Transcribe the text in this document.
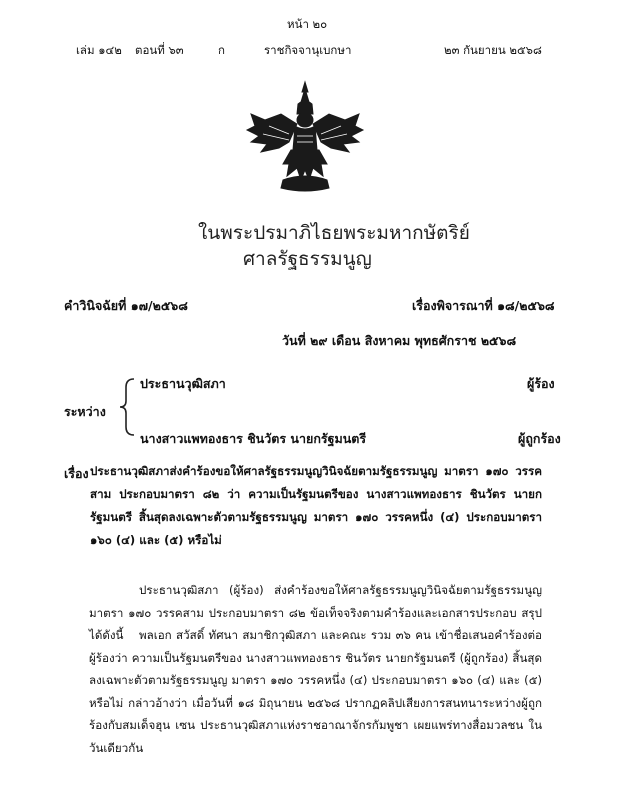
หน้า ๒๐
เล่ม ๑๔๒ ตอนที่ ๖๓	ก	ราชกิจจานุเบกษา	๒๓ กันยายน ๒๕๖๘
ในพระปรมาภิไธยพระมหากษัตริย์
ศาลรัฐธรรมนูญ
คำวินิจฉัยที่ ๑๗/๒๕๖๘	เรื่องพิจารณาที่ ๑๘/๒๕๖๘
วันที่ ๒๙ เดือน สิงหาคม พุทธศักราช ๒๕๖๘
ประธานวุฒิสภา	ผู้ร้อง
ระหว่าง
นางสาวแพทองธาร ชินวัตร นายกรัฐมนตรี	ผู้ถูกร้อง
เรื่อง ประธานวุฒิสภาส่งคำร้องขอให้ศาลรัฐธรรมนูญวินิจฉัยตามรัฐธรรมนูญ มาตรา ๑๗๐ วรรคสาม ประกอบมาตรา ๘๒ ว่า ความเป็นรัฐมนตรีของ นางสาวแพทองธาร ชินวัตร นายกรัฐมนตรี สิ้นสุดลงเฉพาะตัวตามรัฐธรรมนูญ มาตรา ๑๗๐ วรรคหนึ่ง (๔) ประกอบมาตรา ๑๖๐ (๔) และ (๕) หรือไม่
ประธานวุฒิสภา (ผู้ร้อง) ส่งคำร้องขอให้ศาลรัฐธรรมนูญวินิจฉัยตามรัฐธรรมนูญ มาตรา ๑๗๐ วรรคสาม ประกอบมาตรา ๘๒ ข้อเท็จจริงตามคำร้องและเอกสารประกอบ สรุปได้ดังนี้	พลเอก สวัสดิ์ ทัศนา สมาชิกวุฒิสภา และคณะ รวม ๓๖ คน เข้าชื่อเสนอคำร้องต่อผู้ร้องว่า ความเป็นรัฐมนตรีของ นางสาวแพทองธาร ชินวัตร นายกรัฐมนตรี (ผู้ถูกร้อง) สิ้นสุดลงเฉพาะตัวตามรัฐธรรมนูญ มาตรา ๑๗๐ วรรคหนึ่ง (๔) ประกอบมาตรา ๑๖๐ (๔) และ (๕) หรือไม่ กล่าวอ้างว่า เมื่อวันที่ ๑๘ มิถุนายน ๒๕๖๘ ปรากฏคลิปเสียงการสนทนาระหว่างผู้ถูกร้องกับสมเด็จฮุน เซน ประธานวุฒิสภาแห่งราชอาณาจักรกัมพูชา เผยแพร่ทางสื่อมวลชน ในวันเดียวกัน
